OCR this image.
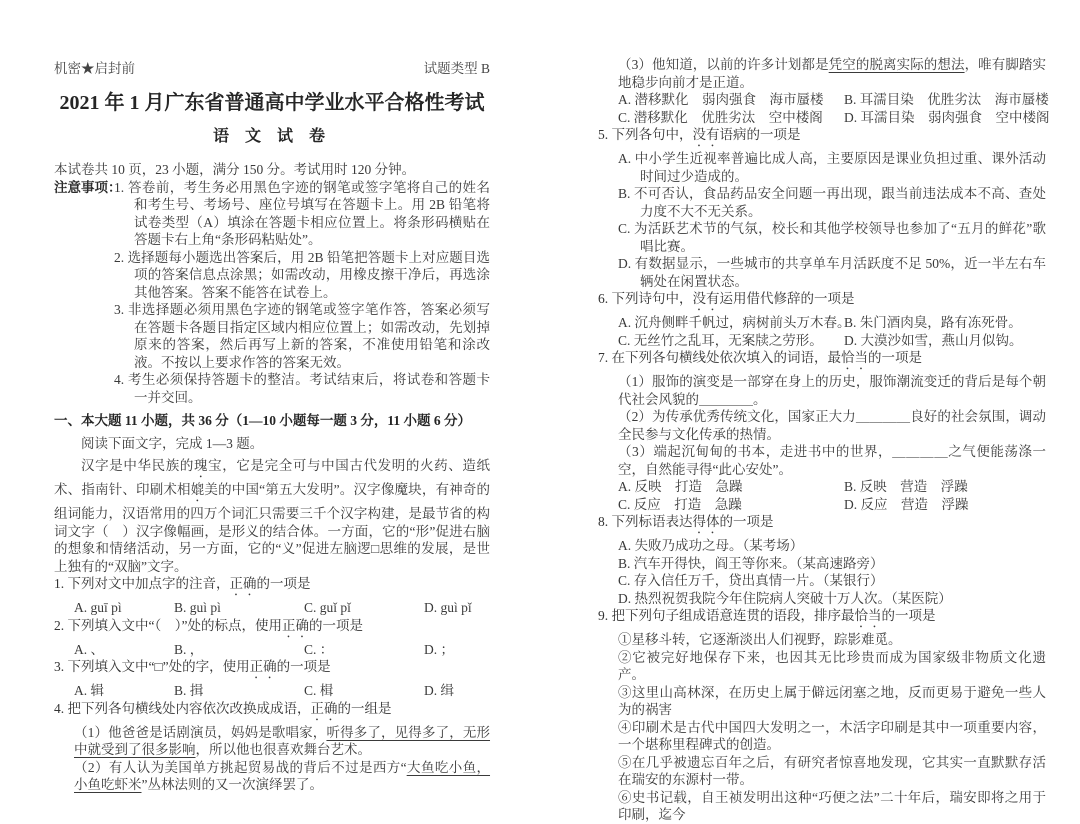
机密★启封前	试题类型 B
2021 年 1 月广东省普通高中学业水平合格性考试
语 文 试 卷

本试卷共 10 页，23 小题，满分 150 分。考试用时 120 分钟。

注意事项：

1. 答卷前，考生务必用黑色字迹的钢笔或签字笔将自己的姓名和考生号、考场号、座位号填写在答题卡上。用 2B 铅笔将试卷类型（A）填涂在答题卡相应位置上。将条形码横贴在答题卡右上角“条形码粘贴处”。

2. 选择题每小题选出答案后，用 2B 铅笔把答题卡上对应题目选项的答案信息点涂黑；如需改动，用橡皮擦干净后，再选涂其他答案。答案不能答在试卷上。

3. 非选择题必须用黑色字迹的钢笔或签字笔作答，答案必须写在答题卡各题目指定区域内相应位置上；如需改动，先划掉原来的答案，然后再写上新的答案，不准使用铅笔和涂改液。不按以上要求作答的答案无效。

4. 考生必须保持答题卡的整洁。考试结束后，将试卷和答题卡一并交回。

一、本大题 11 小题，共 36 分（1—10 小题每一题 3 分，11 小题 6 分）

阅读下面文字，完成 1—3 题。

汉字是中华民族的瑰宝，它是完全可与中国古代发明的火药、造纸术、指南针、印刷术相媲美的中国“第五大发明”。汉字像魔块，有神奇的组词能力，汉语常用的四万个词汇只需要三千个汉字构建，是最节省的构词文字（　）汉字像幅画，是形义的结合体。一方面，它的“形”促进右脑的想象和情绪活动，另一方面，它的“义”促进左脑逻□思维的发展，是世上独有的“双脑”文字。

1. 下列对文中加点字的注音，正确的一项是

A. guī pì	B. guì pì	C. guǐ pǐ	D. guì pǐ

2. 下列填入文中“（　）”处的标点，使用正确的一项是

A. 、	B. ，	C. ：	D. ；

3. 下列填入文中“□”处的字，使用正确的一项是

A. 辑	B. 揖	C. 楫	D. 缉

4. 把下列各句横线处内容依次改换成成语，正确的一组是

（1）他爸爸是话剧演员，妈妈是歌唱家，听得多了，见得多了，无形中就受到了很多影响，所以他也很喜欢舞台艺术。

（2）有人认为美国单方挑起贸易战的背后不过是西方“大鱼吃小鱼，小鱼吃虾米”丛林法则的又一次演绎罢了。

（3）他知道，以前的许多计划都是凭空的脱离实际的想法，唯有脚踏实地稳步向前才是正道。

A. 潜移默化　弱肉强食　海市蜃楼	B. 耳濡目染　优胜劣汰　海市蜃楼
C. 潜移默化　优胜劣汰　空中楼阁	D. 耳濡目染　弱肉强食　空中楼阁

5. 下列各句中，没有语病的一项是

A. 中小学生近视率普遍比成人高，主要原因是课业负担过重、课外活动时间过少造成的。

B. 不可否认，食品药品安全问题一再出现，跟当前违法成本不高、查处力度不大不无关系。

C. 为活跃艺术节的气氛，校长和其他学校领导也参加了“五月的鲜花”歌唱比赛。

D. 有数据显示，一些城市的共享单车月活跃度不足 50%，近一半左右车辆处在闲置状态。

6. 下列诗句中，没有运用借代修辞的一项是

A. 沉舟侧畔千帆过，病树前头万木春。
B. 朱门酒肉臭，路有冻死骨。
C. 无丝竹之乱耳，无案牍之劳形。	D. 大漠沙如雪，燕山月似钩。

7. 在下列各句横线处依次填入的词语，最恰当的一项是

（1）服饰的演变是一部穿在身上的历史，服饰潮流变迁的背后是每个朝代社会风貌的＿＿＿＿。

（2）为传承优秀传统文化，国家正大力＿＿＿＿良好的社会氛围，调动全民参与文化传承的热情。

（3）端起沉甸甸的书本，走进书中的世界，＿＿＿＿之气便能荡涤一空，自然能寻得“此心安处”。

A. 反映　打造　急躁	B. 反映　营造　浮躁
C. 反应　打造　急躁	D. 反应　营造　浮躁

8. 下列标语表达得体的一项是

A. 失败乃成功之母。（某考场）

B. 汽车开得快，阎王等你来。（某高速路旁）

C. 存入信任万千，贷出真情一片。（某银行）

D. 热烈祝贺我院今年住院病人突破十万人次。（某医院）

9. 把下列句子组成语意连贯的语段，排序最恰当的一项是

①星移斗转，它逐渐淡出人们视野，踪影难觅。

②它被完好地保存下来，也因其无比珍贵而成为国家级非物质文化遗产。

③这里山高林深，在历史上属于僻远闭塞之地，反而更易于避免一些人为的祸害

④印刷术是古代中国四大发明之一，木活字印刷是其中一项重要内容，一个堪称里程碑式的创造。

⑤在几乎被遗忘百年之后，有研究者惊喜地发现，它其实一直默默存活在瑞安的东源村一带。

⑥史书记载，自王祯发明出这种“巧便之法”二十年后，瑞安即将之用于印刷，迄今
